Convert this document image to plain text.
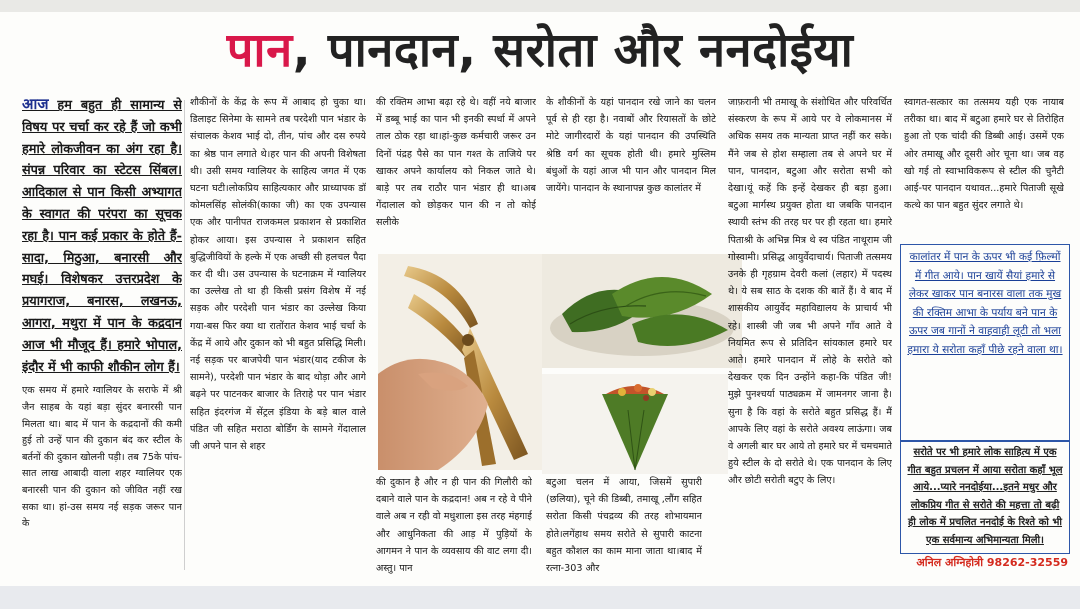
पान, पानदान, सरोता और ननदोईया
आज हम बहुत ही सामान्य से विषय पर चर्चा कर रहे हैं जो कभी हमारे लोकजीवन का अंग रहा है। संपन्न परिवार का स्टेटस सिंबल। आदिकाल से पान किसी अभ्यागत के स्वागत की परंपरा का सूचक रहा है। पान कई प्रकार के होते हैं-सादा, मिठुआ, बनारसी और मघई। विशेषकर उत्तरप्रदेश के प्रयागराज, बनारस, लखनऊ, आगरा, मथुरा में पान के कद्रदान आज भी मौजूद हैं। हमारे भोपाल, इंदौर में भी काफी शौकीन लोग हैं।
एक समय में हमारे ग्वालियर के सराफे में श्री जैन साहब के यहां बड़ा सुंदर बनारसी पान मिलता था। बाद में पान के कद्रदानों की कमी हुई तो उन्हें पान की दुकान बंद कर स्टील के बर्तनों की दुकान खोलनी पड़ी। तब 75के पांच-सात लाख आबादी वाला शहर ग्वालियर एक बनारसी पान की दुकान को जीवित नहीं रख सका था। हां-उस समय नई सड़क जरूर पान के
शौकीनों के केंद्र के रूप में आबाद हो चुका था। डिलाइट सिनेमा के सामने तब परदेशी पान भंडार के संचालक केशव भाई दो, तीन, पांच और दस रुपये का श्रेष्ठ पान लगाते थे।हर पान की अपनी विशेषता थी। उसी समय ग्वालियर के साहित्य जगत में एक घटना घटी।लोकप्रिय साहित्यकार और प्राध्यापक डॉ कोमलसिंह सोलंकी(काका जी) का एक उपन्यास एक और पानीपत राजकमल प्रकाशन से प्रकाशित होकर आया। इस उपन्यास ने प्रकाशन सहित बुद्धिजीवियों के हल्के में एक अच्छी सी हलचल पैदा कर दी थी। उस उपन्यास के घटनाक्रम में ग्वालियर का उल्लेख तो था ही किसी प्रसंग विशेष में नई सड़क और परदेशी पान भंडार का उल्लेख किया गया-बस फिर क्या था रातोंरात केशव भाई चर्चा के केंद्र में आये और दुकान को भी बहुत प्रसिद्धि मिली। नई सड़क पर बाजपेयी पान भंडार(याद टकीज के सामने), परदेशी पान भंडार के बाद थोड़ा और आगे बढ़ने पर पाटनकर बाजार के तिराहे पर पान भंडार सहित इंदरगंज में सेंट्रल इंडिया के बड़े बाल वाले पंडित जी सहित मराठा बोर्डिंग के सामने गेंदालाल जी अपने पान से शहर
की रक्तिम आभा बढ़ा रहे थे। वहीं नये बाजार में डब्बू भाई का पान भी इनकी स्पर्धा में अपने ताल ठोक रहा था।हां-कुछ कर्मचारी जरूर उन दिनों पंद्रह पैसे का पान गश्त के ताजिये पर खाकर अपने कार्यालय को निकल जाते थे। बाड़े पर तब राठौर पान भंडार ही था।अब गेंदालाल को छोड़कर पान की न तो कोई सलीके
के शौकीनों के यहां पानदान रखे जाने का चलन पूर्व से ही रहा है। नवाबों और रियासतों के छोटे मोटे जागीरदारों के यहां पानदान की उपस्थिति श्रेष्ठि वर्ग का सूचक होती थी। हमारे मुस्लिम बंधुओं के यहां आज भी पान और पानदान मिल जायेंगे। पानदान के स्थानापन्न कुछ कालांतर में
की दुकान है और न ही पान की गिलौरी को दबाने वाले पान के कद्रदान! अब न रहे वे पीने वाले अब न रही वो मधुशाला इस तरह मंहगाई और आधुनिकता की आड़ में पुड़ियों के आगमन ने पान के व्यवसाय की वाट लगा दी। अस्तु। पान
बटुआ चलन में आया, जिसमें सुपारी (छलिया), चूने की डिब्बी, तमाखू ,लौंग सहित सरोता किसी पंचद्रव्य की तरह शोभायमान होते।लगेंहाथ समय सरोते से सुपारी काटना बहुत कौशल का काम माना जाता था।बाद में रत्ना-303 और
जाफ़रानी भी तमाखू के संशोधित और परिवर्धित संस्करण के रूप में आये पर वे लोकमानस में अधिक समय तक मान्यता प्राप्त नहीं कर सके। मैंने जब से होश सम्हाला तब से अपने घर में पान, पानदान, बटुआ और सरोता सभी को देखा।यूं कहें कि इन्हें देखकर ही बड़ा हुआ। बटुआ मार्गस्थ प्रयुक्त होता था जबकि पानदान स्थायी स्तंभ की तरह घर पर ही रहता था। हमारे पिताश्री के अभिन्न मित्र थे स्व पंडित नाथूराम जी गोस्वामी। प्रसिद्ध आयुर्वेदाचार्य। पिताजी तत्समय उनके ही गृहग्राम देवरी कलां (लहार) में पदस्थ थे। ये सब साठ के दशक की बातें हैं। वे बाद में शासकीय आयुर्वेद महाविद्यालय के प्राचार्य भी रहे। शास्त्री जी जब भी अपने गाँव आते वे नियमित रूप से प्रतिदिन सांयकाल हमारे घर आते। हमारे पानदान में लोहे के सरोते को देखकर एक दिन उन्होंने कहा-कि पंडित जी! मुझे पुनश्चर्या पाठ्यक्रम में जामनगर जाना है। सुना है कि वहां के सरोते बहुत प्रसिद्ध हैं। मैं आपके लिए वहां के सरोते अवश्य लाऊंगा। जब वे अगली बार घर आये तो हमारे घर में चमचमाते हुये स्टील के दो सरोते थे। एक पानदान के लिए और छोटी सरोती बटुए के लिए।
स्वागत-सत्कार का तत्समय यही एक नायाब तरीका था। बाद में बटुआ हमारे घर से तिरोहित हुआ तो एक चांदी की डिब्बी आई। उसमें एक ओर तमाखू और दूसरी ओर चूना था। जब वह खो गई तो स्वाभाविकरूप से स्टील की चुनैटी आई-पर पानदान यथावत...हमारे पिताजी सूखे कत्थे का पान बहुत सुंदर लगाते थे।
कालांतर में पान के ऊपर भी कई फ़िल्मों में गीत आये। पान खायें सैयां हमारे से लेकर खाकर पान बनारस वाला तक मुख की रक्तिम आभा के पर्याय बने पान के ऊपर जब गानों ने वाहवाही लूटी तो भला हमारा ये सरोता कहाँ पीछे रहने वाला था।
सरोते पर भी हमारे लोक साहित्य में एक गीत बहुत प्रचलन में आया सरोता कहाँ भूल आये...प्यारे ननदोईया...इतने मधुर और लोकप्रिय गीत से सरोते की महत्ता तो बढ़ी ही लोक में प्रचलित ननदोई के रिश्ते को भी एक सर्वमान्य अभिमान्यता मिली।
अनिल अग्निहोत्री 98262-32559
